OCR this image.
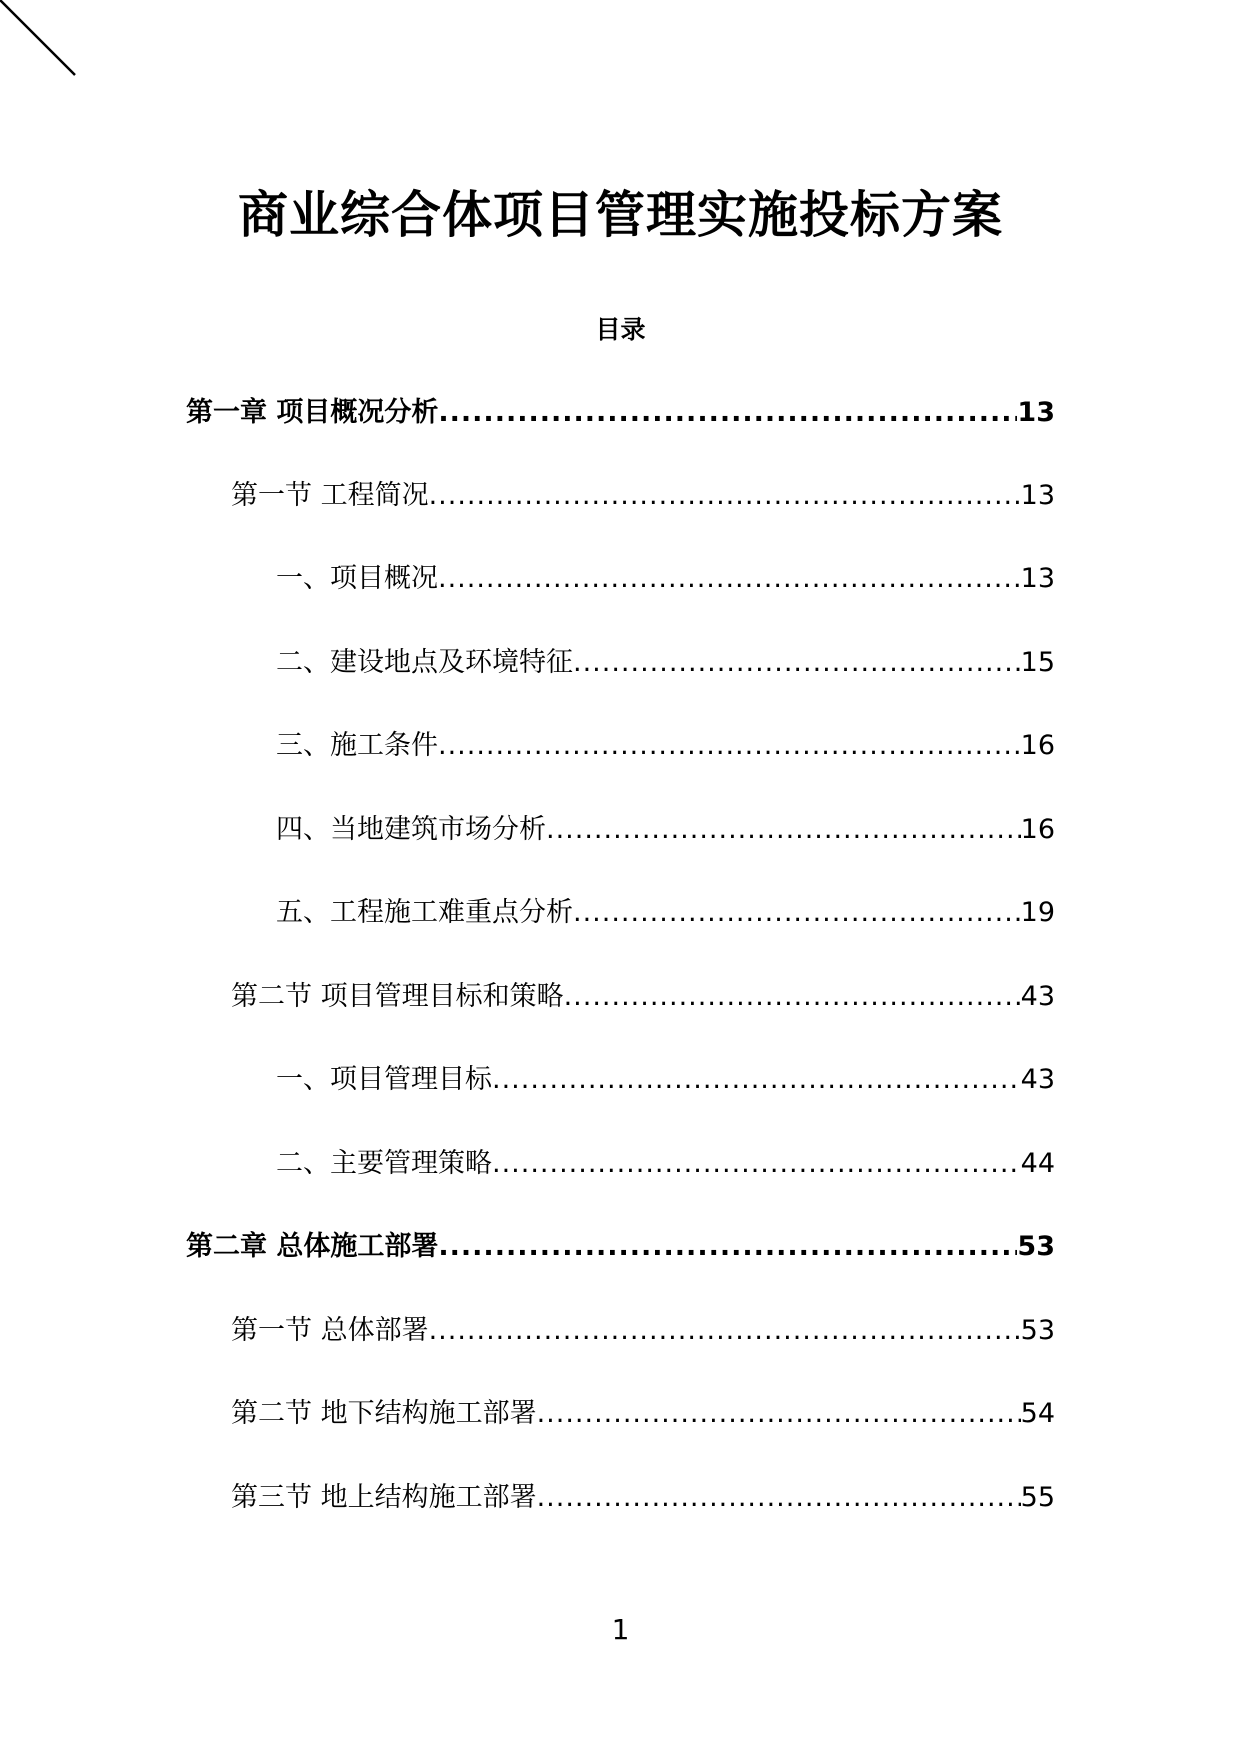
商业综合体项目管理实施投标方案
目录
第一章 项目概况分析 .....	13
第一节 工程简况 .....	13
一、项目概况 .....	13
二、建设地点及环境特征 .....	15
三、施工条件 .....	16
四、当地建筑市场分析 .....	16
五、工程施工难重点分析 .....	19
第二节 项目管理目标和策略 .....	43
一、项目管理目标 .....	43
二、主要管理策略 .....	44
第二章 总体施工部署 .....	53
第一节 总体部署 .....	53
第二节 地下结构施工部署 .....	54
第三节 地上结构施工部署 .....	55
1
